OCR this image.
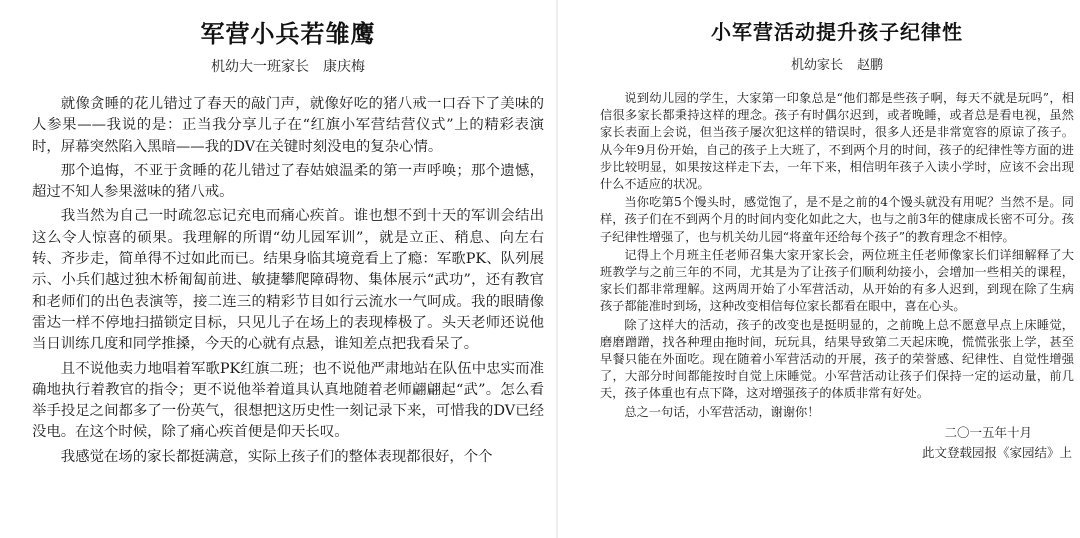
军营小兵若雏鹰

机幼大一班家长 康庆梅

就像贪睡的花儿错过了春天的敲门声，就像好吃的猪八戒一口吞下了美味的人参果——我说的是：正当我分享儿子在“红旗小军营结营仪式”上的精彩表演时，屏幕突然陷入黑暗——我的DV在关键时刻没电的复杂心情。

那个追悔，不亚于贪睡的花儿错过了春姑娘温柔的第一声呼唤；那个遗憾，超过不知人参果滋味的猪八戒。

我当然为自己一时疏忽忘记充电而痛心疾首。谁也想不到十天的军训会结出这么令人惊喜的硕果。我理解的所谓“幼儿园军训”，就是立正、稍息、向左右转、齐步走，简单得不过如此而已。结果身临其境竟看上了瘾：军歌PK、队列展示、小兵们越过独木桥匍匐前进、敏捷攀爬障碍物、集体展示“武功”，还有教官和老师们的出色表演等，接二连三的精彩节目如行云流水一气呵成。我的眼睛像雷达一样不停地扫描锁定目标，只见儿子在场上的表现棒极了。头天老师还说他当日训练几度和同学推搡，今天的心就有点悬，谁知差点把我看呆了。

且不说他卖力地唱着军歌PK红旗二班；也不说他严肃地站在队伍中忠实而准确地执行着教官的指令；更不说他举着道具认真地随着老师翩翩起“武”。怎么看举手投足之间都多了一份英气，很想把这历史性一刻记录下来，可惜我的DV已经没电。在这个时候，除了痛心疾首便是仰天长叹。

我感觉在场的家长都挺满意，实际上孩子们的整体表现都很好，个个

小军营活动提升孩子纪律性

机幼家长 赵鹏

说到幼儿园的学生，大家第一印象总是“他们都是些孩子啊，每天不就是玩吗”，相信很多家长都秉持这样的理念。孩子有时偶尔迟到，或者晚睡，或者总是看电视，虽然家长表面上会说，但当孩子屡次犯这样的错误时，很多人还是非常宽容的原谅了孩子。从今年9月份开始，自己的孩子上大班了，不到两个月的时间，孩子的纪律性等方面的进步比较明显，如果按这样走下去，一年下来，相信明年孩子入读小学时，应该不会出现什么不适应的状况。

当你吃第5个馒头时，感觉饱了，是不是之前的4个馒头就没有用呢？当然不是。同样，孩子们在不到两个月的时间内变化如此之大，也与之前3年的健康成长密不可分。孩子纪律性增强了，也与机关幼儿园“将童年还给每个孩子”的教育理念不相悖。

记得上个月班主任老师召集大家开家长会，两位班主任老师像家长们详细解释了大班教学与之前三年的不同，尤其是为了让孩子们顺利幼接小，会增加一些相关的课程，家长们都非常理解。这两周开始了小军营活动，从开始的有多人迟到，到现在除了生病孩子都能准时到场，这种改变相信每位家长都看在眼中，喜在心头。

除了这样大的活动，孩子的改变也是挺明显的，之前晚上总不愿意早点上床睡觉，磨磨蹭蹭，找各种理由拖时间，玩玩具，结果导致第二天起床晚，慌慌张张上学，甚至早餐只能在外面吃。现在随着小军营活动的开展，孩子的荣誉感、纪律性、自觉性增强了，大部分时间都能按时自觉上床睡觉。小军营活动让孩子们保持一定的运动量，前几天，孩子体重也有点下降，这对增强孩子的体质非常有好处。

总之一句话，小军营活动，谢谢你！

二〇一五年十月
此文登载园报《家园结》上
